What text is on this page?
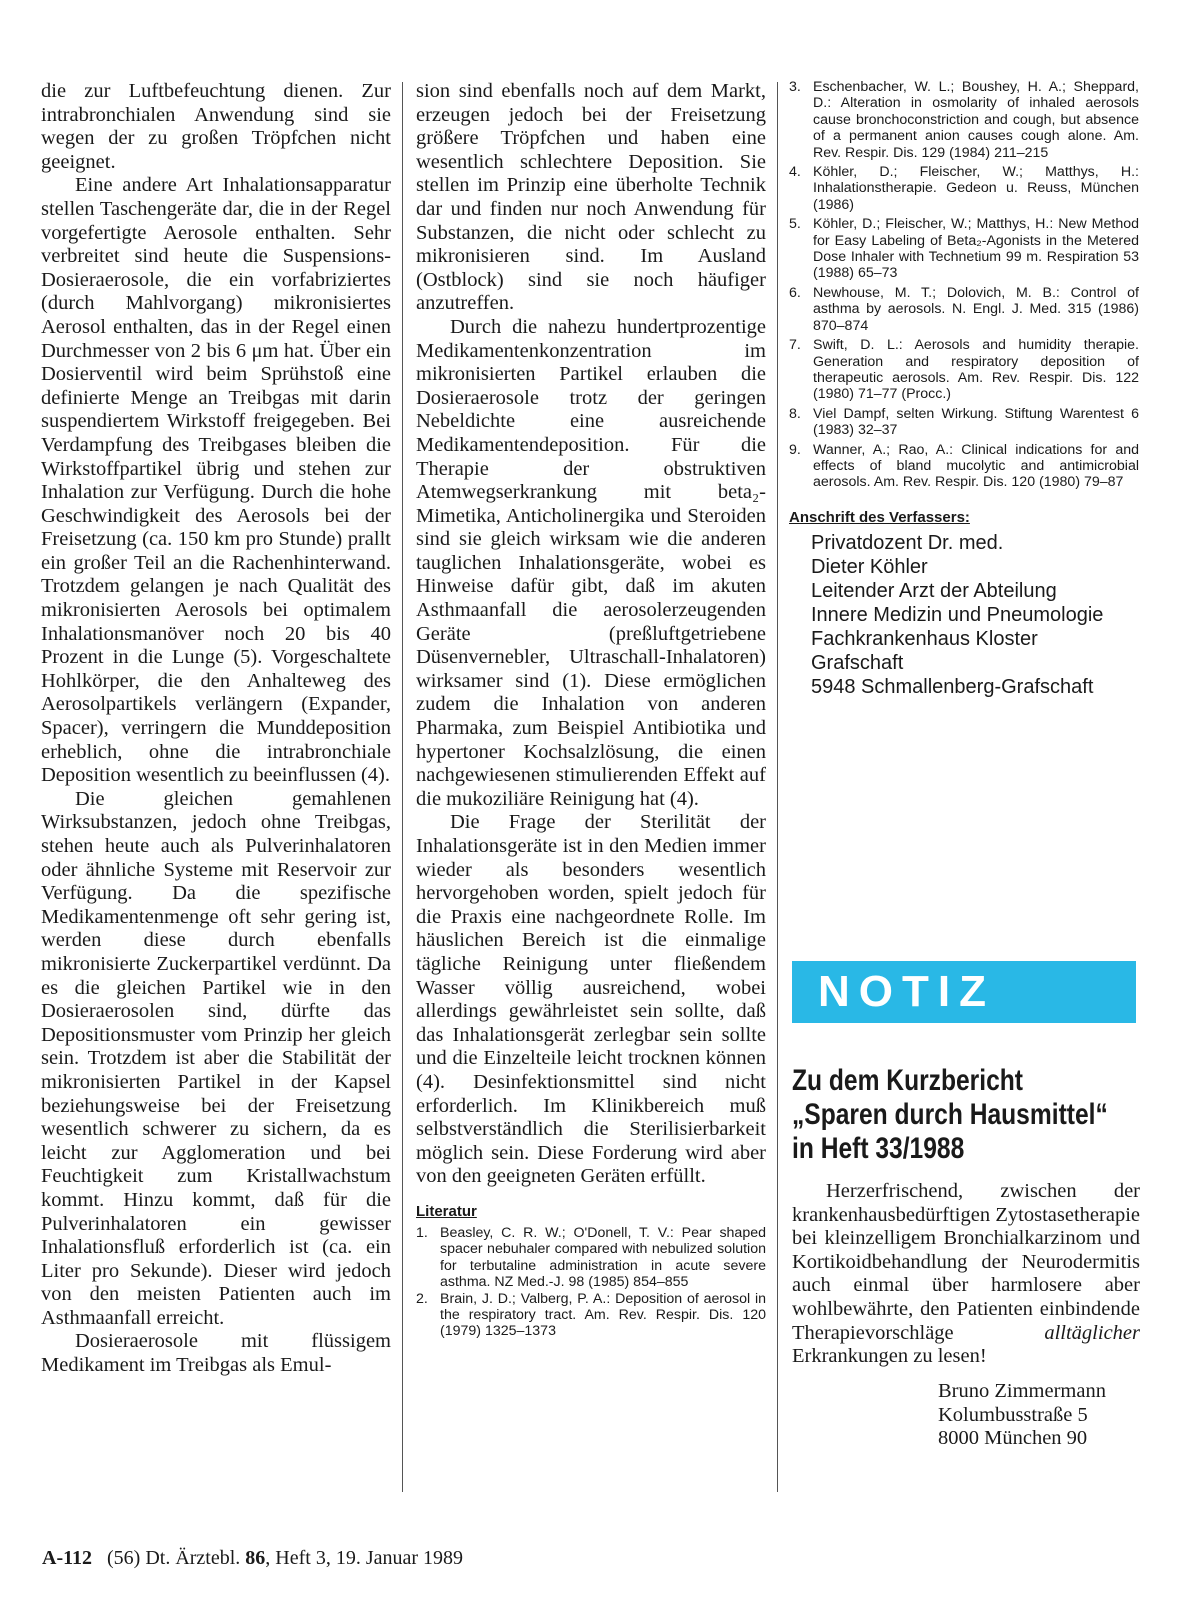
die zur Luftbefeuchtung dienen. Zur intrabronchialen Anwendung sind sie wegen der zu großen Tröpfchen nicht geeignet.

Eine andere Art Inhalationsapparatur stellen Taschengeräte dar, die in der Regel vorgefertigte Aerosole enthalten. Sehr verbreitet sind heute die Suspensions-Dosieraerosole, die ein vorfabriziertes (durch Mahlvorgang) mikronisiertes Aerosol enthalten, das in der Regel einen Durchmesser von 2 bis 6 μm hat. Über ein Dosierventil wird beim Sprühstoß eine definierte Menge an Treibgas mit darin suspendiertem Wirkstoff freigegeben. Bei Verdampfung des Treibgases bleiben die Wirkstoffpartikel übrig und stehen zur Inhalation zur Verfügung. Durch die hohe Geschwindigkeit des Aerosols bei der Freisetzung (ca. 150 km pro Stunde) prallt ein großer Teil an die Rachenhinterwand. Trotzdem gelangen je nach Qualität des mikronisierten Aerosols bei optimalem Inhalationsmanöver noch 20 bis 40 Prozent in die Lunge (5). Vorgeschaltete Hohlkörper, die den Anhalteweg des Aerosolpartikels verlängern (Expander, Spacer), verringern die Munddeposition erheblich, ohne die intrabronchiale Deposition wesentlich zu beeinflussen (4).

Die gleichen gemahlenen Wirksubstanzen, jedoch ohne Treibgas, stehen heute auch als Pulverinhalatoren oder ähnliche Systeme mit Reservoir zur Verfügung. Da die spezifische Medikamentenmenge oft sehr gering ist, werden diese durch ebenfalls mikronisierte Zuckerpartikel verdünnt. Da es die gleichen Partikel wie in den Dosieraerosolen sind, dürfte das Depositionsmuster vom Prinzip her gleich sein. Trotzdem ist aber die Stabilität der mikronisierten Partikel in der Kapsel beziehungsweise bei der Freisetzung wesentlich schwerer zu sichern, da es leicht zur Agglomeration und bei Feuchtigkeit zum Kristallwachstum kommt. Hinzu kommt, daß für die Pulverinhalatoren ein gewisser Inhalationsfluß erforderlich ist (ca. ein Liter pro Sekunde). Dieser wird jedoch von den meisten Patienten auch im Asthmaanfall erreicht.

Dosieraerosole mit flüssigem Medikament im Treibgas als Emul-

sion sind ebenfalls noch auf dem Markt, erzeugen jedoch bei der Freisetzung größere Tröpfchen und haben eine wesentlich schlechtere Deposition. Sie stellen im Prinzip eine überholte Technik dar und finden nur noch Anwendung für Substanzen, die nicht oder schlecht zu mikronisieren sind. Im Ausland (Ostblock) sind sie noch häufiger anzutreffen.

Durch die nahezu hundertprozentige Medikamentenkonzentration im mikronisierten Partikel erlauben die Dosieraerosole trotz der geringen Nebeldichte eine ausreichende Medikamentendeposition. Für die Therapie der obstruktiven Atemwegserkrankung mit beta₂-Mimetika, Anticholinergika und Steroiden sind sie gleich wirksam wie die anderen tauglichen Inhalationsgeräte, wobei es Hinweise dafür gibt, daß im akuten Asthmaanfall die aerosolerzeugenden Geräte (preßluftgetriebene Düsenvernebler, Ultraschall-Inhalatoren) wirksamer sind (1). Diese ermöglichen zudem die Inhalation von anderen Pharmaka, zum Beispiel Antibiotika und hypertoner Kochsalzlösung, die einen nachgewiesenen stimulierenden Effekt auf die mukoziliäre Reinigung hat (4).

Die Frage der Sterilität der Inhalationsgeräte ist in den Medien immer wieder als besonders wesentlich hervorgehoben worden, spielt jedoch für die Praxis eine nachgeordnete Rolle. Im häuslichen Bereich ist die einmalige tägliche Reinigung unter fließendem Wasser völlig ausreichend, wobei allerdings gewährleistet sein sollte, daß das Inhalationsgerät zerlegbar sein sollte und die Einzelteile leicht trocknen können (4). Desinfektionsmittel sind nicht erforderlich. Im Klinikbereich muß selbstverständlich die Sterilisierbarkeit möglich sein. Diese Forderung wird aber von den geeigneten Geräten erfüllt.

Literatur
1. Beasley, C. R. W.; O'Donell, T. V.: Pear shaped spacer nebuhaler compared with nebulized solution for terbutaline administration in acute severe asthma. NZ Med.-J. 98 (1985) 854–855
2. Brain, J. D.; Valberg, P. A.: Deposition of aerosol in the respiratory tract. Am. Rev. Respir. Dis. 120 (1979) 1325–1373
3. Eschenbacher, W. L.; Boushey, H. A.; Sheppard, D.: Alteration in osmolarity of inhaled aerosols cause bronchoconstriction and cough, but absence of a permanent anion causes cough alone. Am. Rev. Respir. Dis. 129 (1984) 211–215
4. Köhler, D.; Fleischer, W.; Matthys, H.: Inhalationstherapie. Gedeon u. Reuss, München (1986)
5. Köhler, D.; Fleischer, W.; Matthys, H.: New Method for Easy Labeling of Beta₂-Agonists in the Metered Dose Inhaler with Technetium 99 m. Respiration 53 (1988) 65–73
6. Newhouse, M. T.; Dolovich, M. B.: Control of asthma by aerosols. N. Engl. J. Med. 315 (1986) 870–874
7. Swift, D. L.: Aerosols and humidity therapie. Generation and respiratory deposition of therapeutic aerosols. Am. Rev. Respir. Dis. 122 (1980) 71–77 (Procc.)
8. Viel Dampf, selten Wirkung. Stiftung Warentest 6 (1983) 32–37
9. Wanner, A.; Rao, A.: Clinical indications for and effects of bland mucolytic and antimicrobial aerosols. Am. Rev. Respir. Dis. 120 (1980) 79–87
Anschrift des Verfassers:
Privatdozent Dr. med.
Dieter Köhler
Leitender Arzt der Abteilung
Innere Medizin und Pneumologie
Fachkrankenhaus Kloster
Grafschaft
5948 Schmallenberg-Grafschaft
NOTIZ
Zu dem Kurzbericht
„Sparen durch Hausmittel“
in Heft 33/1988

Herzerfrischend, zwischen der krankenhausbedürftigen Zytostasetherapie bei kleinzelligem Bronchialkarzinom und Kortikoidbehandlung der Neurodermitis auch einmal über harmlosere aber wohlbewährte, den Patienten einbindende Therapievorschläge alltäglicher Erkrankungen zu lesen!

Bruno Zimmermann
Kolumbusstraße 5
8000 München 90
A-112 (56) Dt. Ärztebl. 86, Heft 3, 19. Januar 1989
